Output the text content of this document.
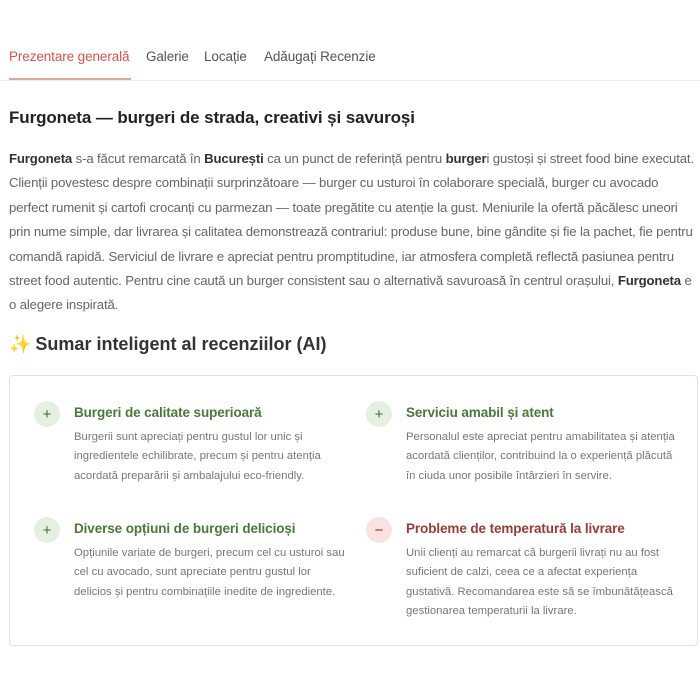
Prezentare generală Galerie Locație Adăugați Recenzie
Furgoneta — burgeri de strada, creativi și savuroși

Furgoneta s-a făcut remarcată în București ca un punct de referință pentru burgeri gustoși și street food bine executat. Clienții povestesc despre combinații surprinzătoare — burger cu usturoi în colaborare specială, burger cu avocado perfect rumenit și cartofi crocanți cu parmezan — toate pregătite cu atenție la gust. Meniurile la ofertă păcălesc uneori prin nume simple, dar livrarea și calitatea demonstrează contrariul: produse bune, bine gândite și fie la pachet, fie pentru comandă rapidă. Serviciul de livrare e apreciat pentru promptitudine, iar atmosfera completă reflectă pasiunea pentru street food autentic. Pentru cine caută un burger consistent sau o alternativă savuroasă în centrul orașului, Furgoneta e o alegere inspirată.

✨ Sumar inteligent al recenziilor (AI)
+	Burgeri de calitate superioară
Burgerii sunt apreciați pentru gustul lor unic și ingredientele echilibrate, precum și pentru atenția acordată preparării și ambalajului eco-friendly.
+	Serviciu amabil și atent
Personalul este apreciat pentru amabilitatea și atenția acordată clienților, contribuind la o experiență plăcută în ciuda unor posibile întârzieri în servire.
+	Diverse opțiuni de burgeri delicioși
Opțiunile variate de burgeri, precum cel cu usturoi sau cel cu avocado, sunt apreciate pentru gustul lor delicios și pentru combinațiile inedite de ingrediente.
−	Probleme de temperatură la livrare
Unii clienți au remarcat că burgerii livrați nu au fost suficient de calzi, ceea ce a afectat experiența gustativă. Recomandarea este să se îmbunătățească gestionarea temperaturii la livrare.
